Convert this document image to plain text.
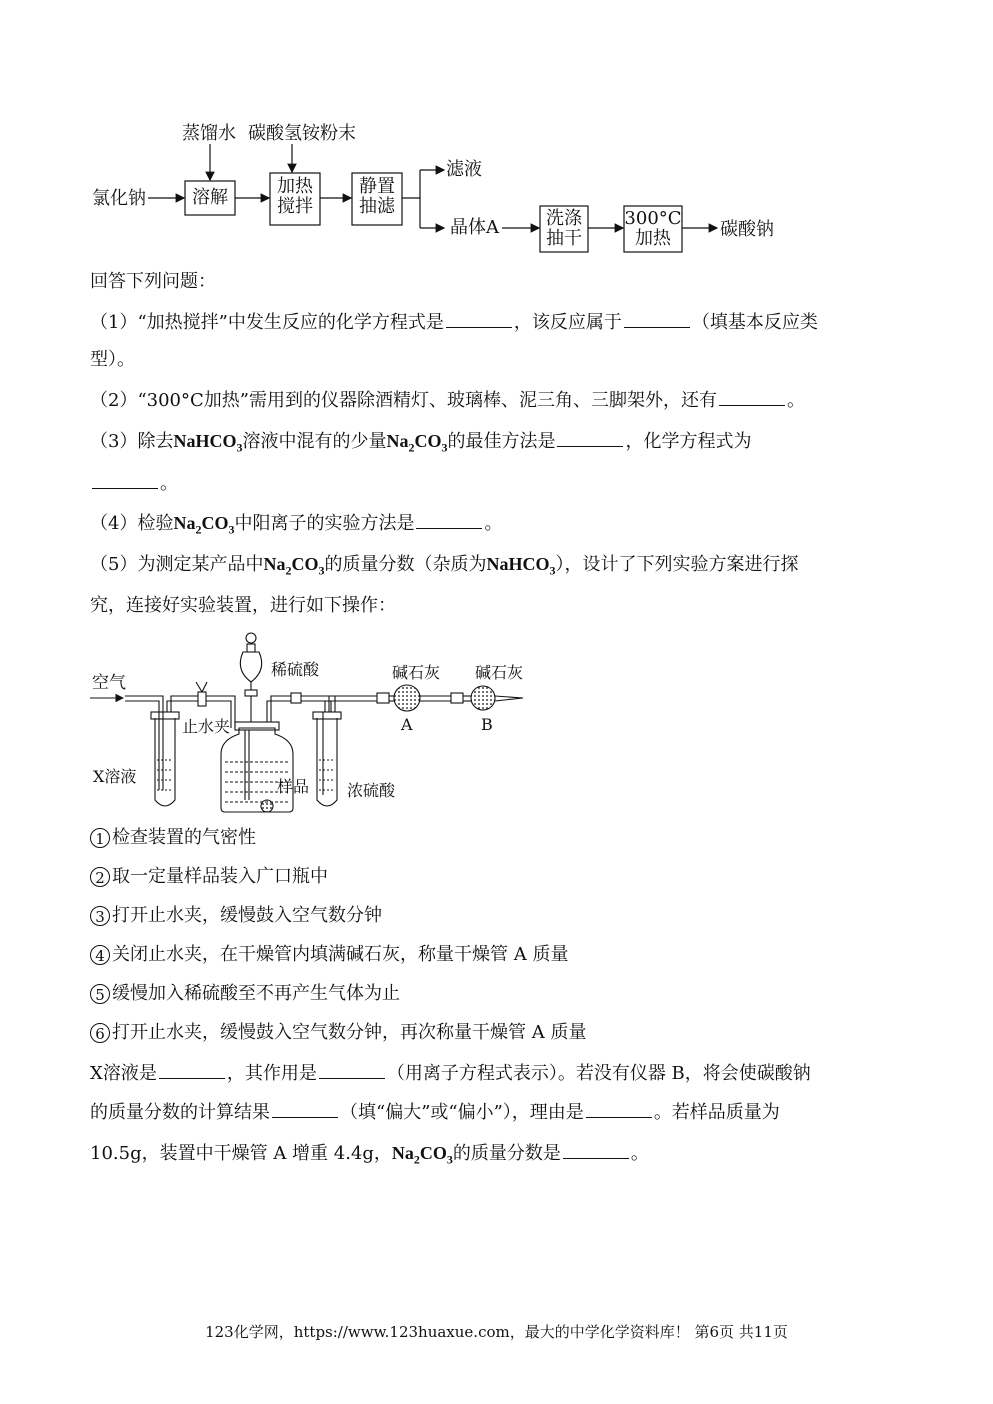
蒸馏水 碳酸氢铵粉末
氯化钠	溶解
加热
搅拌
静置
抽滤
滤液
晶体A	洗涤
抽干
300°C
加热	碳酸钠
回答下列问题：
（1）“加热搅拌”中发生反应的化学方程式是	，该反应属于	（填基本反应类
型）。
（2）“300°C加热”需用到的仪器除酒精灯、玻璃棒、泥三角、三脚架外，还有	。
（3）除去NaHCO$_3$溶液中混有的少量$Na_2CO_3$的最佳方法是	，化学方程式为
。
（4）检验$Na_2CO_3$中阳离子的实验方法是	。
（5）为测定某产品中$Na_2CO_3$的质量分数（杂质为NaHCO$_3$），设计了下列实验方案进行探
究，连接好实验装置，进行如下操作：
空气
止水夹
X溶液
稀硫酸
样品 浓硫酸
碱石灰 碱石灰
A	B
1 检查装置的气密性
2 取一定量样品装入广口瓶中
3 打开止水夹，缓慢鼓入空气数分钟
4 关闭止水夹，在干燥管内填满碱石灰，称量干燥管 A 质量
5 缓慢加入稀硫酸至不再产生气体为止
6 打开止水夹，缓慢鼓入空气数分钟，再次称量干燥管 A 质量
X溶液是	，其作用是	（用离子方程式表示）。若没有仪器 B，将会使碳酸钠
的质量分数的计算结果	（填“偏大”或“偏小”），理由是	。若样品质量为
10.5g，装置中干燥管 A 增重 4.4g，$Na_2CO_3$的质量分数是	。
123化学网，https://www.123huaxue.com，最大的中学化学资料库！ 第6页 共11页
